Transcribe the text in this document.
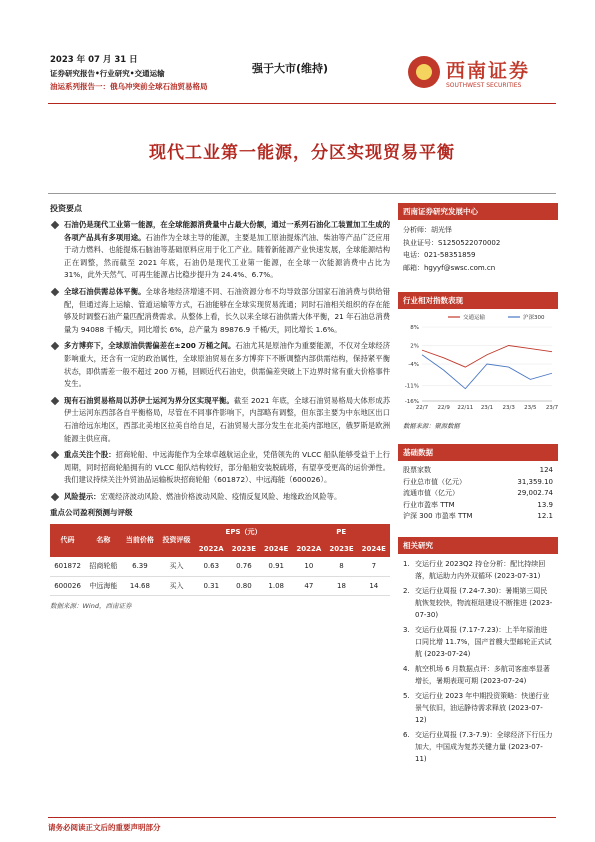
2023 年 07 月 31 日
证券研究报告•行业研究•交通运输
油运系列报告一：俄乌冲突前全球石油贸易格局
强于大市(维持)	西南证券
SOUTHWEST SECURITIES
现代工业第一能源，分区实现贸易平衡
投资要点
石油仍是现代工业第一能源，在全球能源消费量中占最大份额，通过一系列石油化工装置加工生成的各项产品具有多项用途。石油作为全球主导的能源，主要是加工原油提炼汽油、柴油等产品广泛应用于动力燃料、也能提炼石脑油等基础原料应用于化工产业。随着新能源产业快速发展，全球能源结构正在调整，然而截至 2021 年底，石油仍是现代工业第一能源，在全球一次能源消费中占比为 31%，此外天然气、可再生能源占比稳步提升为 24.4%、6.7%。
全球石油供需总体平衡。全球各地经济增速不同、石油资源分布不均导致部分国家石油消费与供给错配，但通过海上运输、管道运输等方式，石油能够在全球实现贸易流通；同时石油相关组织的存在能够及时调整石油产量匹配消费需求。从整体上看，长久以来全球石油供需大体平衡，21 年石油总消费量为 94088 千桶/天，同比增长 6%，总产量为 89876.9 千桶/天，同比增长 1.6%。
多方博弈下，全球原油供需偏差在±200 万桶之间。石油尤其是原油作为重要能源，不仅对全球经济影响重大，还含有一定的政治属性，全球原油贸易在多方博弈下不断调整内部供需结构，保持紧平衡状态，即供需差一般不超过 200 万桶，回顾近代石油史，供需偏差突破上下边界时常有重大价格事件发生。
现有石油贸易格局以苏伊士运河为界分区实现平衡。截至 2021 年底，全球石油贸易格局大体形成苏伊士运河东西部各自平衡格局，尽管在不同事件影响下，内部略有调整，但东部主要为中东地区出口石油给远东地区，西部北美地区拉美自给自足，石油贸易大部分发生在北美内部地区，俄罗斯是欧洲能源主供应商。
重点关注个股：招商轮船、中远海能作为全球卓越航运企业，凭借领先的 VLCC 船队能够受益于上行周期，同时招商轮船拥有的 VLCC 船队结构较好，部分船舶安装脱硫塔，有望享受更高的运价弹性。我们建议持续关注外贸油品运输板块招商轮船（601872）、中远海能（600026）。
风险提示：宏观经济波动风险、燃油价格波动风险、疫情反复风险、地缘政治风险等。
重点公司盈利预测与评级
代码	名称	当前价格	投资评级	EPS（元）			PE		
				2022A	2023E	2024E	2022A	2023E	2024E
601872	招商轮船	6.39	买入	0.63	0.76	0.91	10	8	7
600026	中远海能	14.68	买入	0.31	0.80	1.08	47	18	14
数据来源：Wind，西南证券
西南证券研究发展中心
分析师：胡光怿
执业证号：S1250522070002
电话：021-58351859
邮箱：hgyyf@swsc.com.cn
行业相对指数表现
8%
2%
-4%
-11%
-16%
22/7 22/9 22/11 23/1 23/3 23/5 23/7
交通运输	沪深300
数据来源：聚源数据
基础数据
股票家数	124
行业总市值（亿元）	31,359.10
流通市值（亿元）	29,002.74
行业市盈率 TTM	13.9
沪深 300 市盈率 TTM	12.1
相关研究
1. 交运行业 2023Q2 持仓分析：配比持续回落，航运助力内外双循环 (2023-07-31)
2. 交运行业周报 (7.24-7.30)：暑期第三周民航恢复较快，物流枢纽建设不断推进 (2023-07-30)
3. 交运行业周报 (7.17-7.23)：上半年原油进口同比增 11.7%，国产首艘大型邮轮正式试航 (2023-07-24)
4. 航空机场 6 月数据点评：多航司客座率显著增长，暑期表现可期 (2023-07-24)
5. 交运行业 2023 年中期投资策略：快递行业景气依旧，油运静待需求释放 (2023-07-12)
6. 交运行业周报 (7.3-7.9)：全球经济下行压力加大，中国成为复苏关键力量 (2023-07-11)
请务必阅读正文后的重要声明部分
